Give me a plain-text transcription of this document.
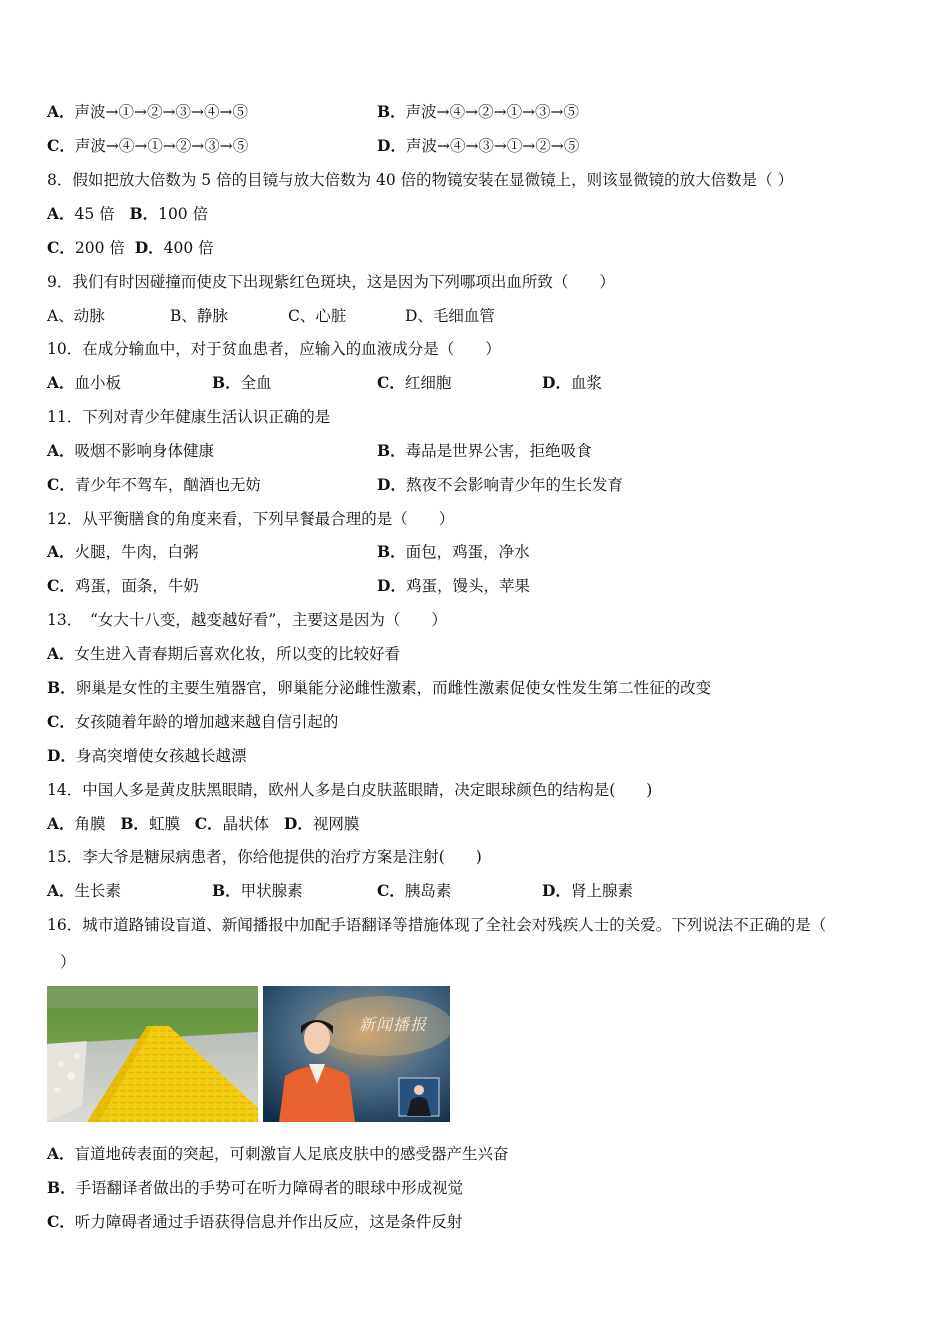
A．声波→①→②→③→④→⑤	B．声波→④→②→①→③→⑤
C．声波→④→①→②→③→⑤	D．声波→④→③→①→②→⑤
8．假如把放大倍数为 5 倍的目镜与放大倍数为 40 倍的物镜安装在显微镜上，则该显微镜的放大倍数是（ ）
A．45 倍 B．100 倍
C．200 倍 D．400 倍
9．我们有时因碰撞而使皮下出现紫红色斑块，这是因为下列哪项出血所致（　　）
A、动脉	B、静脉	C、心脏	D、毛细血管
10．在成分输血中，对于贫血患者，应输入的血液成分是（　　）
A．血小板	B．全血	C．红细胞	D．血浆
11．下列对青少年健康生活认识正确的是
A．吸烟不影响身体健康	B．毒品是世界公害，拒绝吸食
C．青少年不驾车，酗酒也无妨	D．熬夜不会影响青少年的生长发育
12．从平衡膳食的角度来看，下列早餐最合理的是（　　）
A．火腿，牛肉，白粥	B．面包，鸡蛋，净水
C．鸡蛋，面条，牛奶	D．鸡蛋，馒头，苹果
13．　“女大十八变，越变越好看”，主要这是因为（　　）
A．女生进入青春期后喜欢化妆，所以变的比较好看
B．卵巢是女性的主要生殖器官，卵巢能分泌雌性激素，而雌性激素促使女性发生第二性征的改变
C．女孩随着年龄的增加越来越自信引起的
D．身高突增使女孩越长越漂
14．中国人多是黄皮肤黑眼睛，欧州人多是白皮肤蓝眼睛，决定眼球颜色的结构是(　　)
A．角膜 B．虹膜 C．晶状体 D．视网膜
15．李大爷是糖尿病患者，你给他提供的治疗方案是注射(　　)
A．生长素	B．甲状腺素	C．胰岛素	D．肾上腺素
16．城市道路铺设盲道、新闻播报中加配手语翻译等措施体现了全社会对残疾人士的关爱。下列说法不正确的是（
）
新闻播报
A．盲道地砖表面的突起，可刺激盲人足底皮肤中的感受器产生兴奋
B．手语翻译者做出的手势可在听力障碍者的眼球中形成视觉
C．听力障碍者通过手语获得信息并作出反应，这是条件反射
